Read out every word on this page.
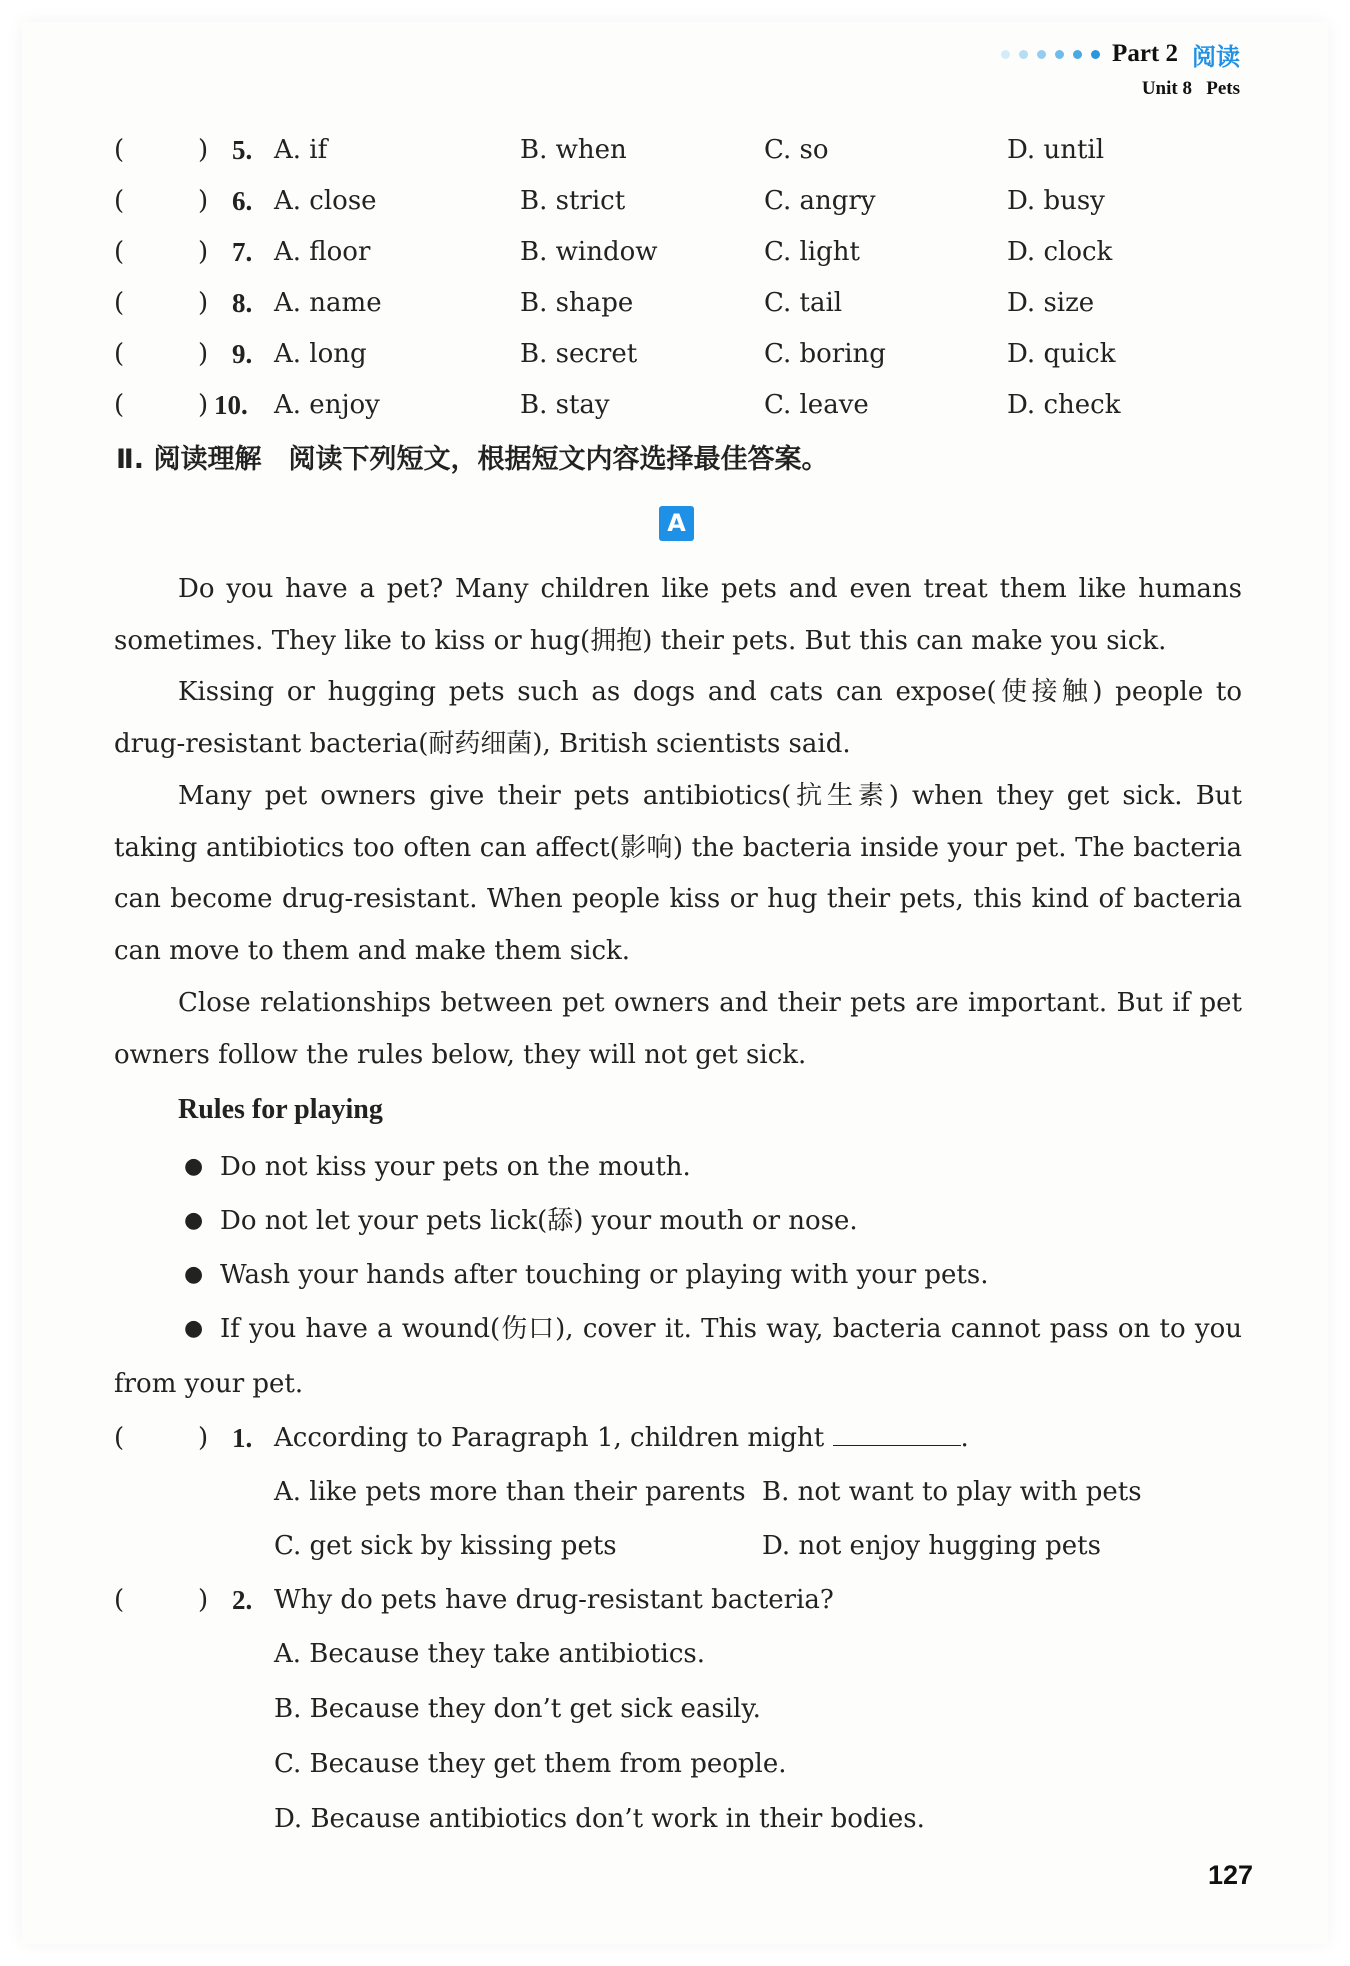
Part 2 阅读
Unit 8 Pets
(	) 5. A. if	B. when	C. so	D. until
(	) 6. A. close	B. strict	C. angry	D. busy
(	) 7. A. floor	B. window	C. light	D. clock
(	) 8. A. name	B. shape	C. tail	D. size
(	) 9. A. long	B. secret	C. boring	D. quick
(	) 10. A. enjoy	B. stay	C. leave	D. check
Ⅱ. 阅读理解　阅读下列短文，根据短文内容选择最佳答案。
A
Do you have a pet? Many children like pets and even treat them like humans sometimes. They like to kiss or hug(拥抱) their pets. But this can make you sick.
Kissing or hugging pets such as dogs and cats can expose(使接触) people to drug-resistant bacteria(耐药细菌), British scientists said.
Many pet owners give their pets antibiotics(抗生素) when they get sick. But taking antibiotics too often can affect(影响) the bacteria inside your pet. The bacteria can become drug-resistant. When people kiss or hug their pets, this kind of bacteria can move to them and make them sick.
Close relationships between pet owners and their pets are important. But if pet owners follow the rules below, they will not get sick.
Rules for playing
● Do not kiss your pets on the mouth.
● Do not let your pets lick(舔) your mouth or nose.
● Wash your hands after touching or playing with your pets.
● If you have a wound(伤口), cover it. This way, bacteria cannot pass on to you
from your pet.
(	) 1. According to Paragraph 1, children might	.
A. like pets more than their parents B. not want to play with pets
C. get sick by kissing pets	D. not enjoy hugging pets
(	) 2. Why do pets have drug-resistant bacteria?
A. Because they take antibiotics.
B. Because they don’t get sick easily.
C. Because they get them from people.
D. Because antibiotics don’t work in their bodies.
127
